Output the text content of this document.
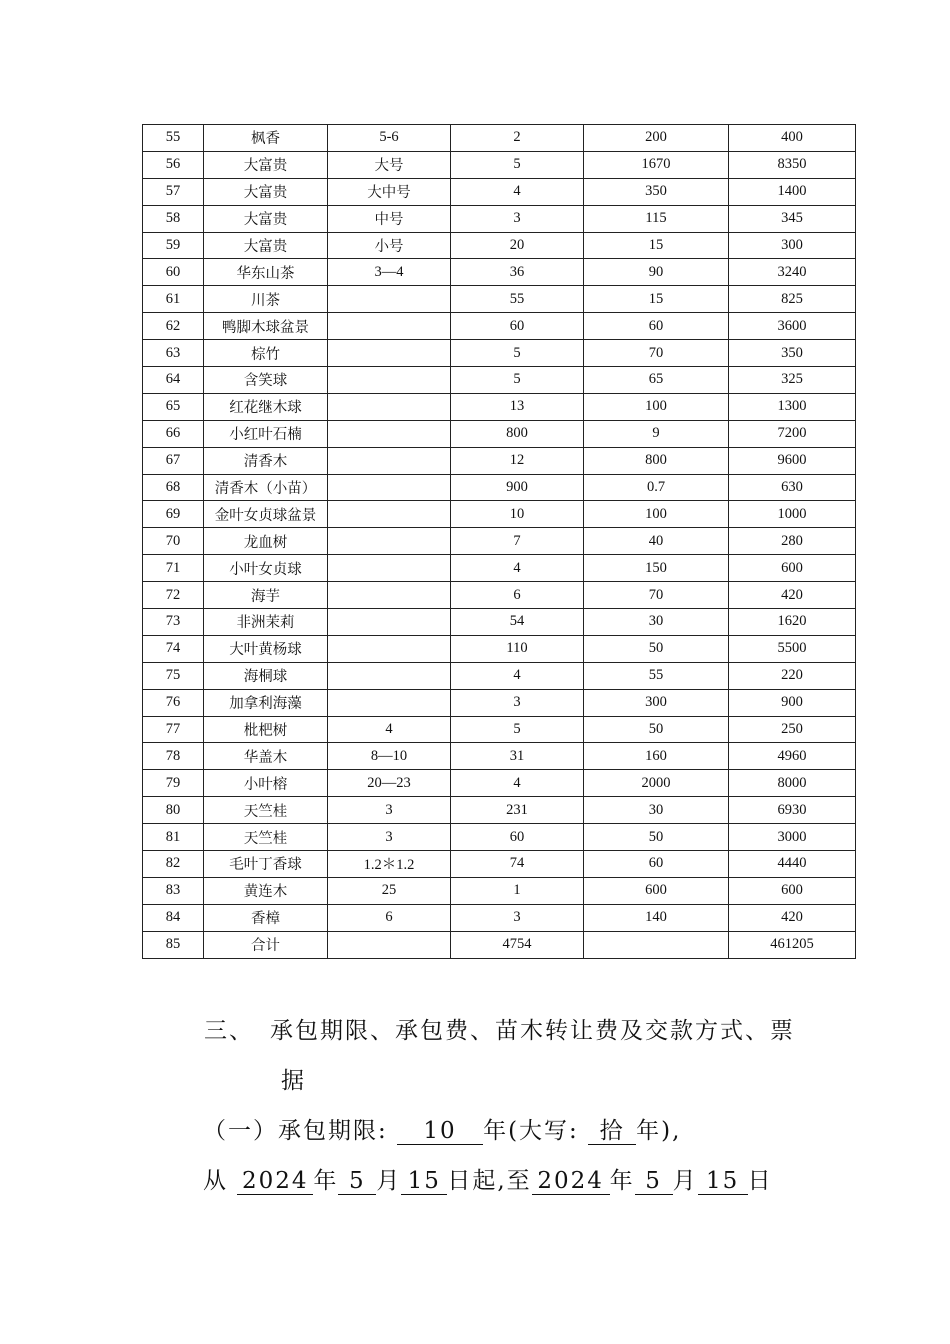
55	枫香	5-6	2	200	400
56	大富贵	大号	5	1670	8350
57	大富贵	大中号	4	350	1400
58	大富贵	中号	3	115	345
59	大富贵	小号	20	15	300
60	华东山茶	3—4	36	90	3240
61	川茶		55	15	825
62	鸭脚木球盆景		60	60	3600
63	棕竹		5	70	350
64	含笑球		5	65	325
65	红花继木球		13	100	1300
66	小红叶石楠		800	9	7200
67	清香木		12	800	9600
68	清香木（小苗）		900	0.7	630
69	金叶女贞球盆景		10	100	1000
70	龙血树		7	40	280
71	小叶女贞球		4	150	600
72	海芋		6	70	420
73	非洲茉莉		54	30	1620
74	大叶黄杨球		110	50	5500
75	海桐球		4	55	220
76	加拿利海藻		3	300	900
77	枇杷树	4	5	50	250
78	华盖木	8—10	31	160	4960
79	小叶榕	20—23	4	2000	8000
80	天竺桂	3	231	30	6930
81	天竺桂	3	60	50	3000
82	毛叶丁香球	1.2＊1.2	74	60	4440
83	黄连木	25	1	600	600
84	香樟	6	3	140	420
85	合计		4754		461205
三、 承包期限、承包费、苗木转让费及交款方式、票
据
（一）承包期限: 10 年(大写: 拾 年),
从 2024 年 5 月 15 日起,至 2024 年 5 月 15 日
